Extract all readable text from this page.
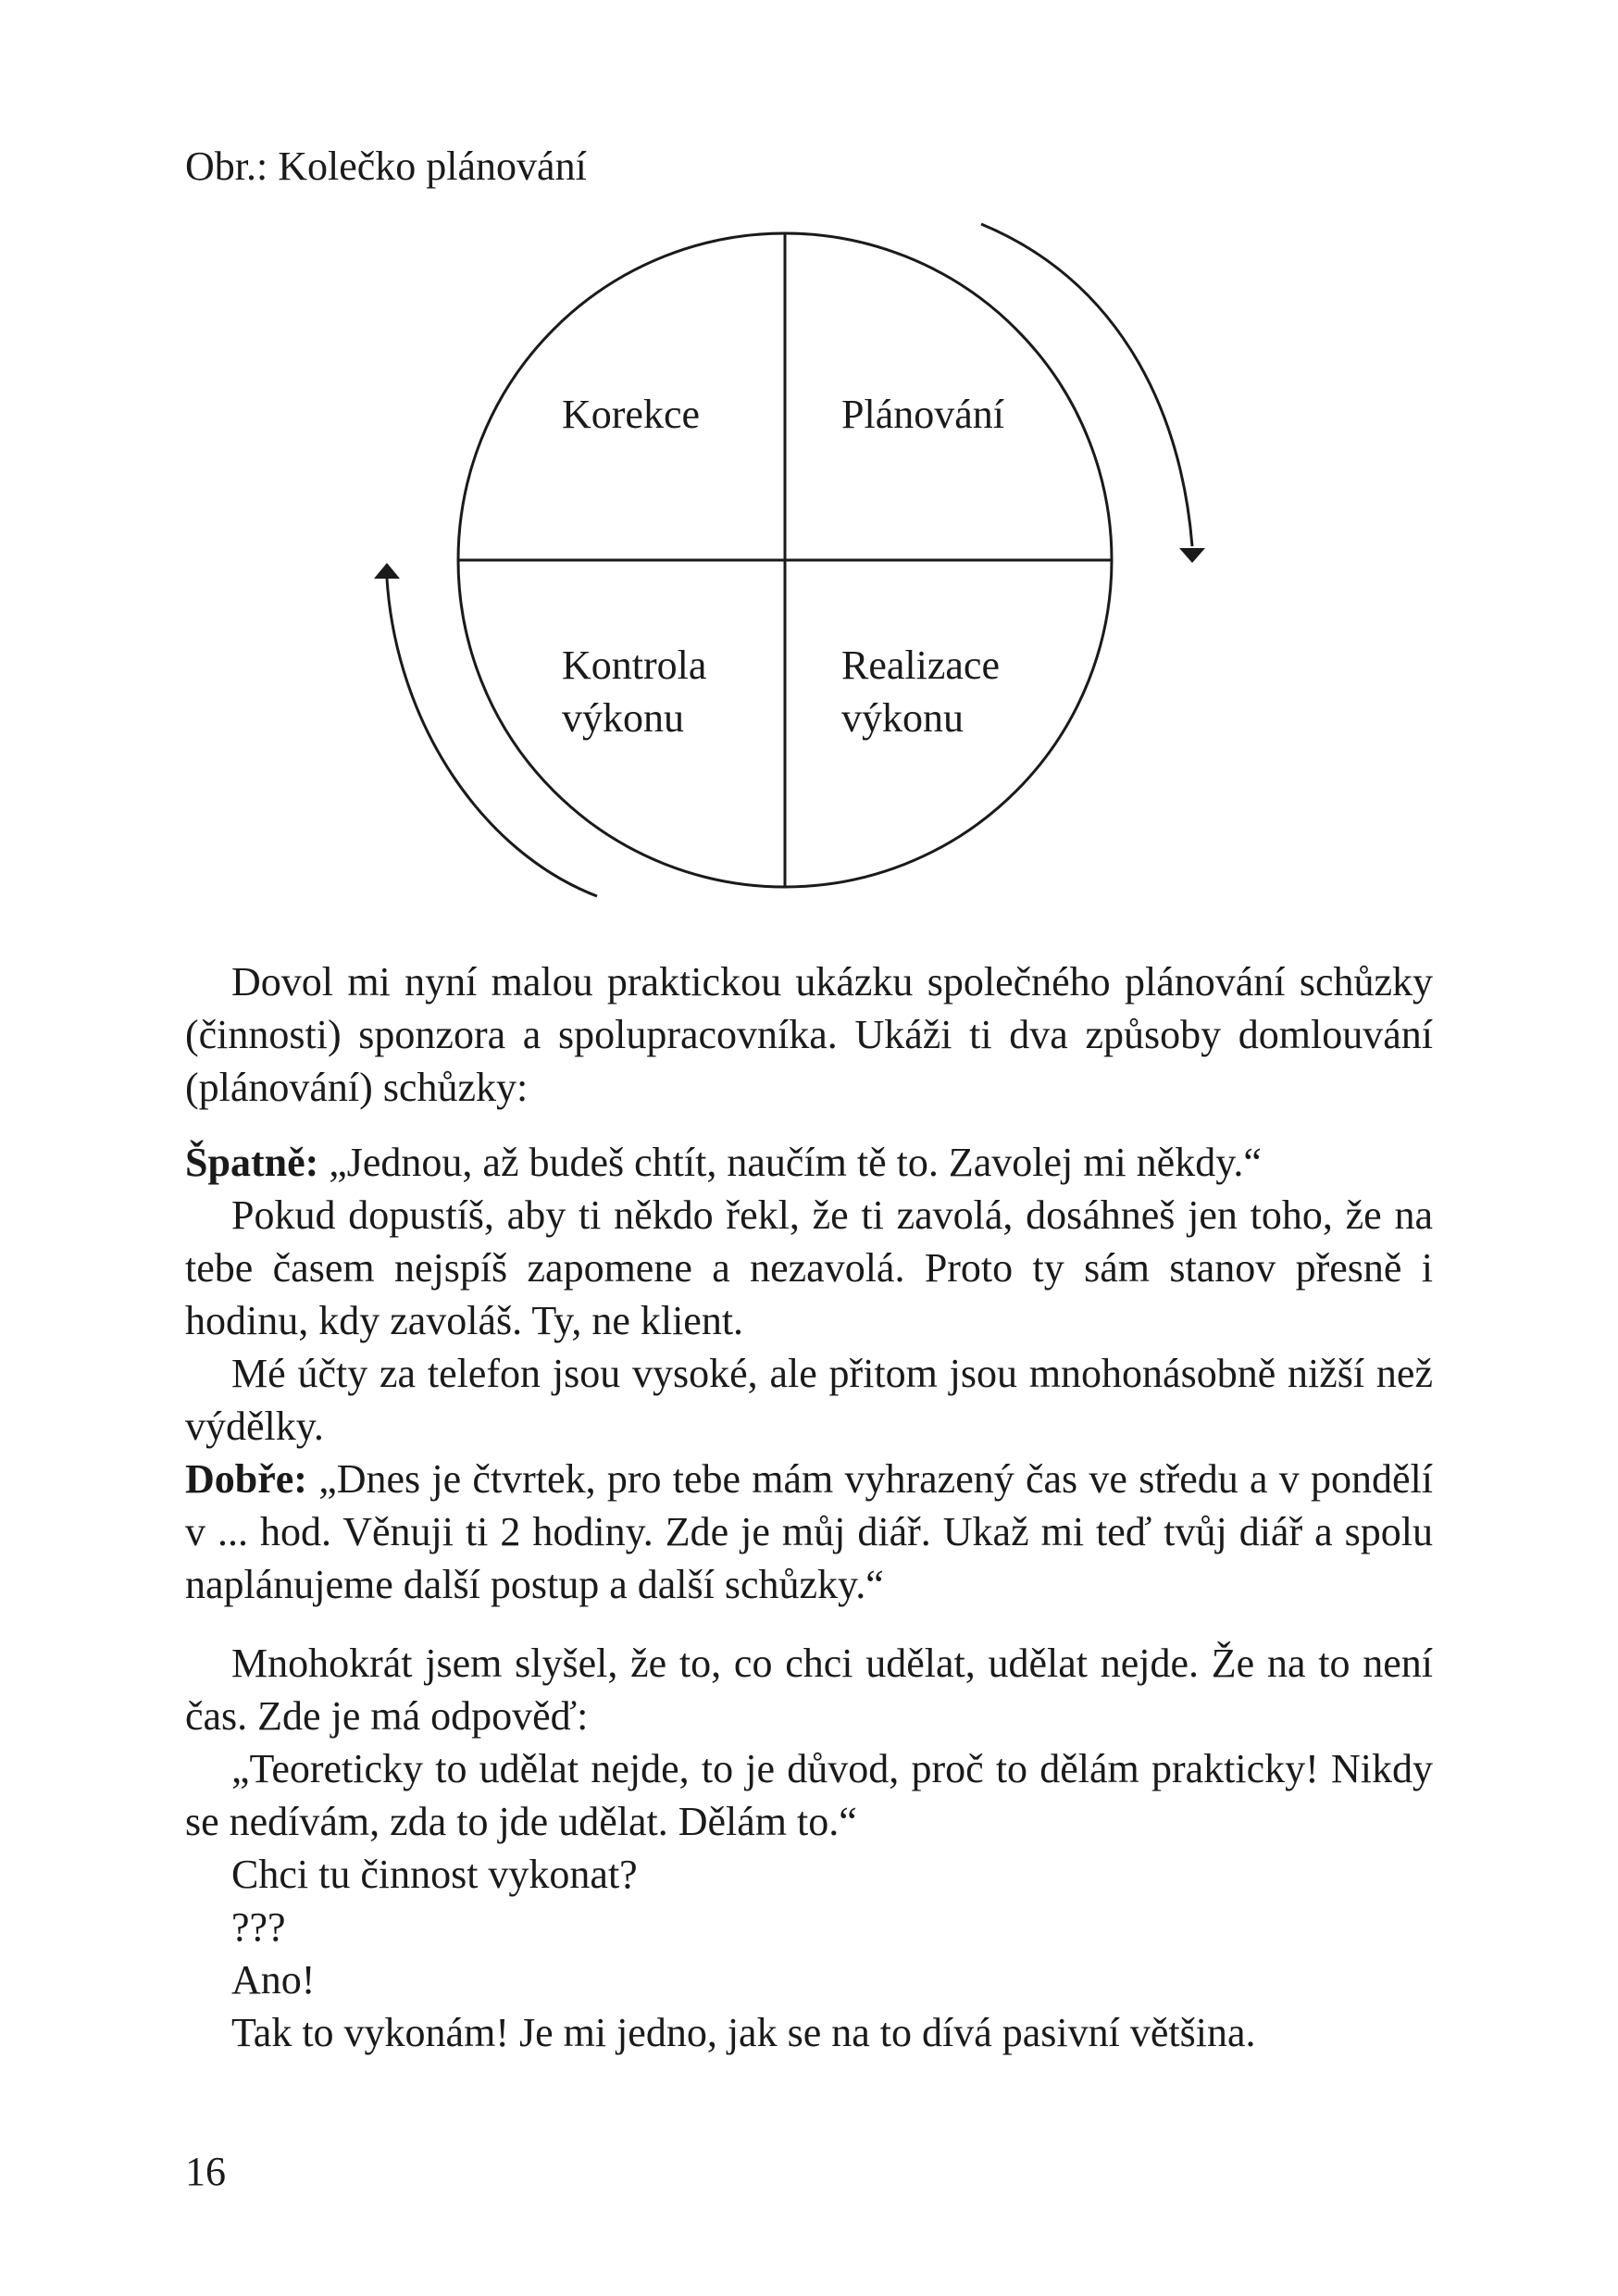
Obr.: Kolečko plánování
Korekce	Plánování
Kontrola
výkonu
Realizace
výkonu

Dovol mi nyní malou praktickou ukázku společného plánování schůzky (činnosti) sponzora a spolupracovníka. Ukáži ti dva způsoby domlouvání (plánování) schůzky:

Špatně: „Jednou, až budeš chtít, naučím tě to. Zavolej mi někdy.“

Pokud dopustíš, aby ti někdo řekl, že ti zavolá, dosáhneš jen toho, že na tebe časem nejspíš zapomene a nezavolá. Proto ty sám stanov přesně i hodinu, kdy zavoláš. Ty, ne klient.

Mé účty za telefon jsou vysoké, ale přitom jsou mnohonásobně nižší než výdělky.

Dobře: „Dnes je čtvrtek, pro tebe mám vyhrazený čas ve středu a v pondělí v ... hod. Věnuji ti 2 hodiny. Zde je můj diář. Ukaž mi teď tvůj diář a spolu naplánujeme další postup a další schůzky.“

Mnohokrát jsem slyšel, že to, co chci udělat, udělat nejde. Že na to není čas. Zde je má odpověď:

„Teoreticky to udělat nejde, to je důvod, proč to dělám prakticky! Nikdy se nedívám, zda to jde udělat. Dělám to.“

Chci tu činnost vykonat?

???

Ano!

Tak to vykonám! Je mi jedno, jak se na to dívá pasivní většina.

16
